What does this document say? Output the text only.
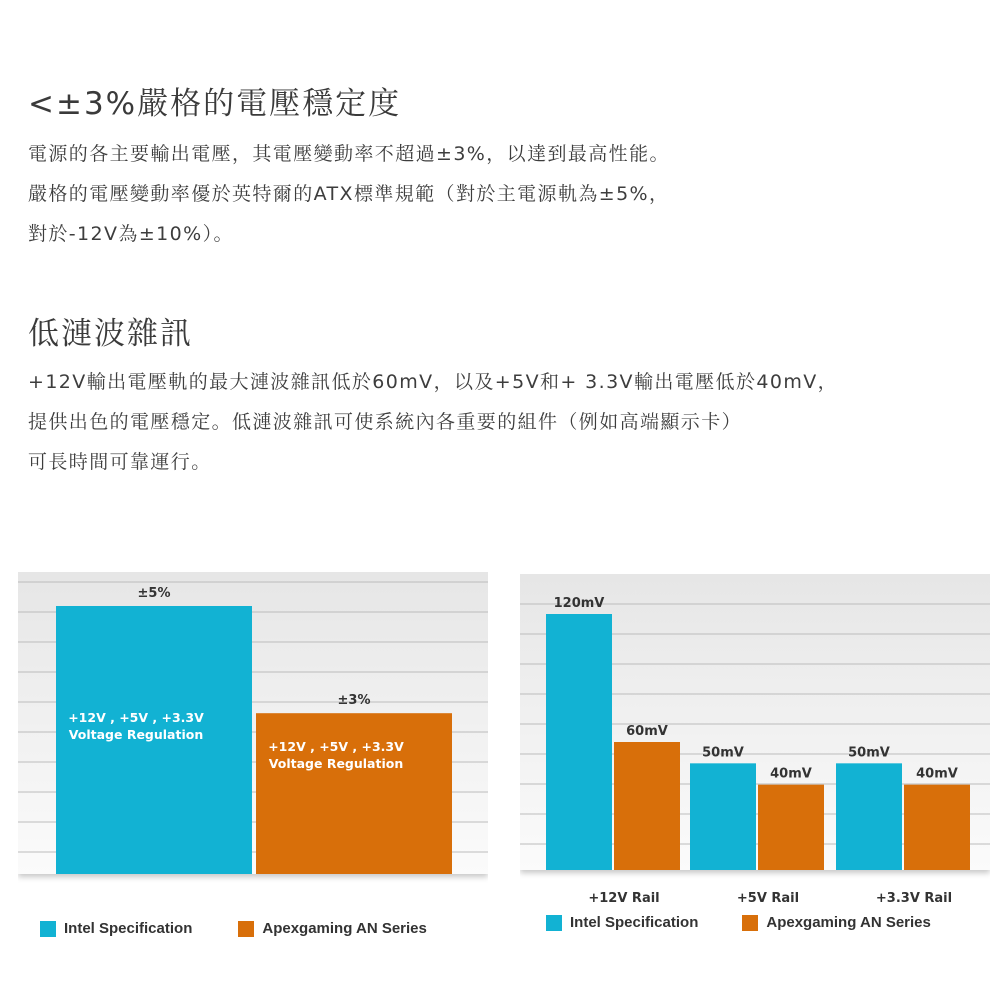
<±3%嚴格的電壓穩定度
電源的各主要輸出電壓，其電壓變動率不超過±3%，以達到最高性能。
嚴格的電壓變動率優於英特爾的ATX標準規範（對於主電源軌為±5%，
對於-12V為±10%）。
低漣波雜訊
+12V輸出電壓軌的最大漣波雜訊低於60mV，以及+5V和+ 3.3V輸出電壓低於40mV，
提供出色的電壓穩定。低漣波雜訊可使系統內各重要的組件（例如高端顯示卡）
可長時間可靠運行。
±5%
+12V , +5V , +3.3V
Voltage Regulation
±3%
+12V , +5V , +3.3V
Voltage Regulation
Intel Specification	Apexgaming AN Series
120mV
60mV
+12V Rail
50mV
40mV
+5V Rail
50mV
40mV
+3.3V Rail
Intel Specification	Apexgaming AN Series
